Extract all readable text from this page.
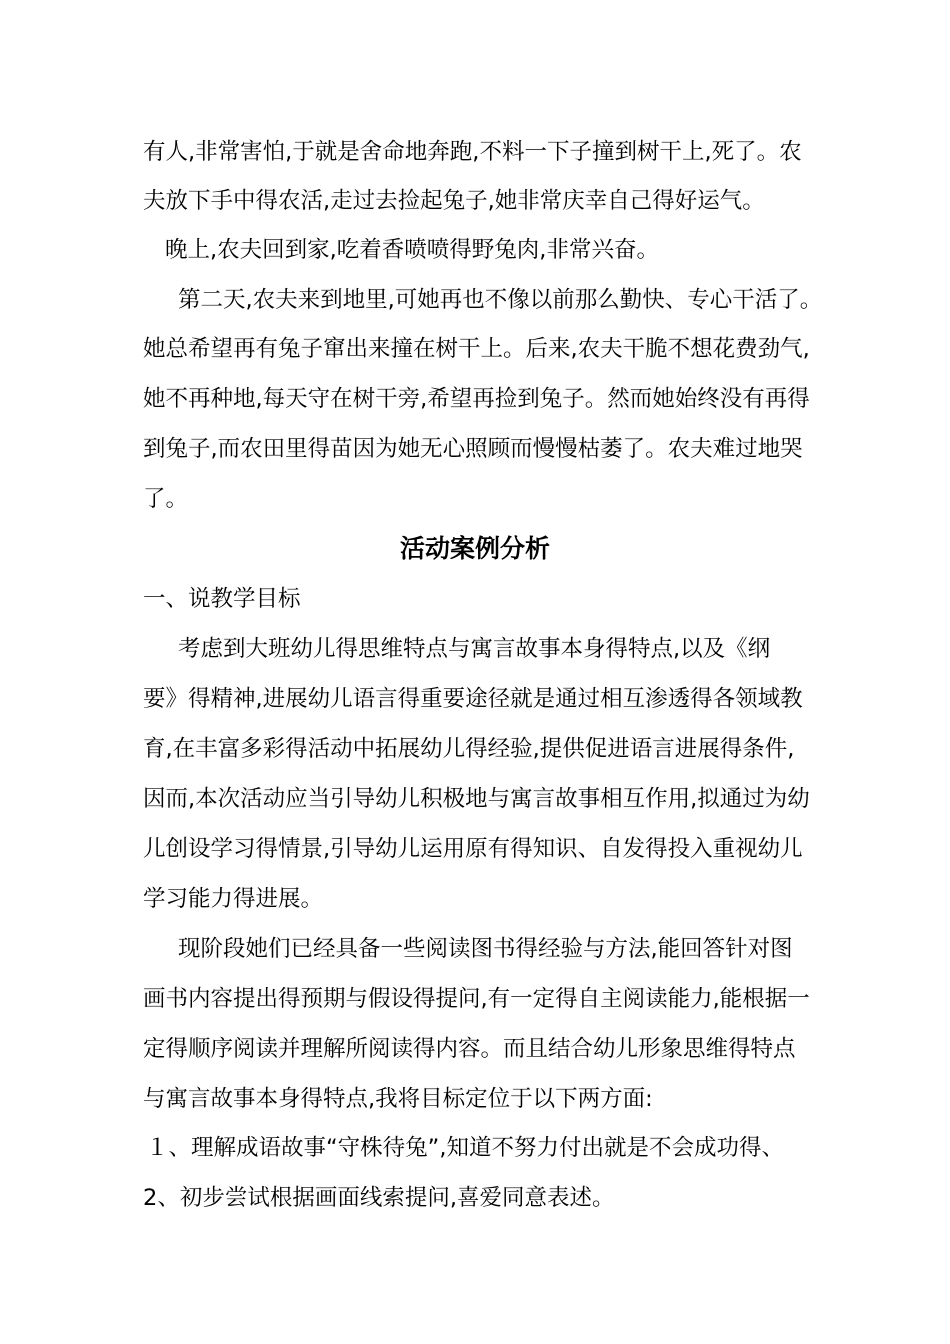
有人,非常害怕,于就是舍命地奔跑,不料一下子撞到树干上,死了。农
夫放下手中得农活,走过去捡起兔子,她非常庆幸自己得好运气。
晚上,农夫回到家,吃着香喷喷得野兔肉,非常兴奋。
第二天,农夫来到地里,可她再也不像以前那么勤快、专心干活了。
她总希望再有兔子窜出来撞在树干上。后来,农夫干脆不想花费劲气,
她不再种地,每天守在树干旁,希望再捡到兔子。然而她始终没有再得
到兔子,而农田里得苗因为她无心照顾而慢慢枯萎了。农夫难过地哭
了。
活动案例分析
一、说教学目标
考虑到大班幼儿得思维特点与寓言故事本身得特点,以及《纲
要》得精神,进展幼儿语言得重要途径就是通过相互渗透得各领域教
育,在丰富多彩得活动中拓展幼儿得经验,提供促进语言进展得条件,
因而,本次活动应当引导幼儿积极地与寓言故事相互作用,拟通过为幼
儿创设学习得情景,引导幼儿运用原有得知识、自发得投入重视幼儿
学习能力得进展。
现阶段她们已经具备一些阅读图书得经验与方法,能回答针对图
画书内容提出得预期与假设得提问,有一定得自主阅读能力,能根据一
定得顺序阅读并理解所阅读得内容。而且结合幼儿形象思维得特点
与寓言故事本身得特点,我将目标定位于以下两方面:
１、理解成语故事“守株待兔”,知道不努力付出就是不会成功得、
2、初步尝试根据画面线索提问,喜爱同意表述。
